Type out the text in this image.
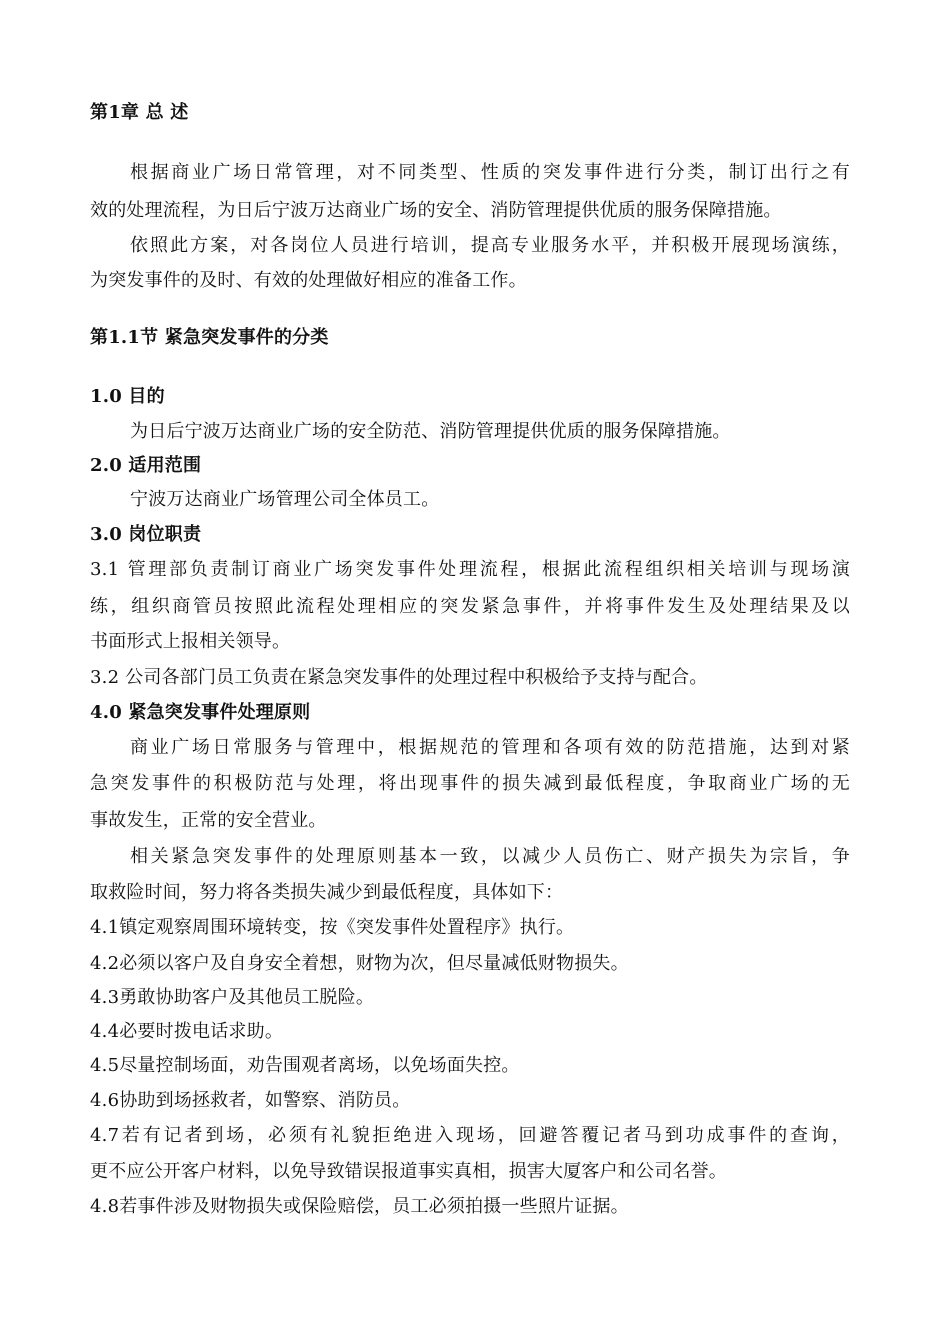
第1章 总 述
根据商业广场日常管理，对不同类型、性质的突发事件进行分类，制订出行之有
效的处理流程，为日后宁波万达商业广场的安全、消防管理提供优质的服务保障措施。
依照此方案，对各岗位人员进行培训，提高专业服务水平，并积极开展现场演练，
为突发事件的及时、有效的处理做好相应的准备工作。
第1.1节 紧急突发事件的分类
1.0 目的
为日后宁波万达商业广场的安全防范、消防管理提供优质的服务保障措施。
2.0 适用范围
宁波万达商业广场管理公司全体员工。
3.0 岗位职责
3.1 管理部负责制订商业广场突发事件处理流程，根据此流程组织相关培训与现场演
练，组织商管员按照此流程处理相应的突发紧急事件，并将事件发生及处理结果及以
书面形式上报相关领导。
3.2 公司各部门员工负责在紧急突发事件的处理过程中积极给予支持与配合。
4.0 紧急突发事件处理原则
商业广场日常服务与管理中，根据规范的管理和各项有效的防范措施，达到对紧
急突发事件的积极防范与处理，将出现事件的损失减到最低程度，争取商业广场的无
事故发生，正常的安全营业。
相关紧急突发事件的处理原则基本一致，以减少人员伤亡、财产损失为宗旨，争
取救险时间，努力将各类损失减少到最低程度，具体如下：
4.1镇定观察周围环境转变，按《突发事件处置程序》执行。
4.2必须以客户及自身安全着想，财物为次，但尽量减低财物损失。
4.3勇敢协助客户及其他员工脱险。
4.4必要时拨电话求助。
4.5尽量控制场面，劝告围观者离场，以免场面失控。
4.6协助到场拯救者，如警察、消防员。
4.7若有记者到场，必须有礼貌拒绝进入现场，回避答覆记者马到功成事件的查询，
更不应公开客户材料，以免导致错误报道事实真相，损害大厦客户和公司名誉。
4.8若事件涉及财物损失或保险赔偿，员工必须拍摄一些照片证据。
